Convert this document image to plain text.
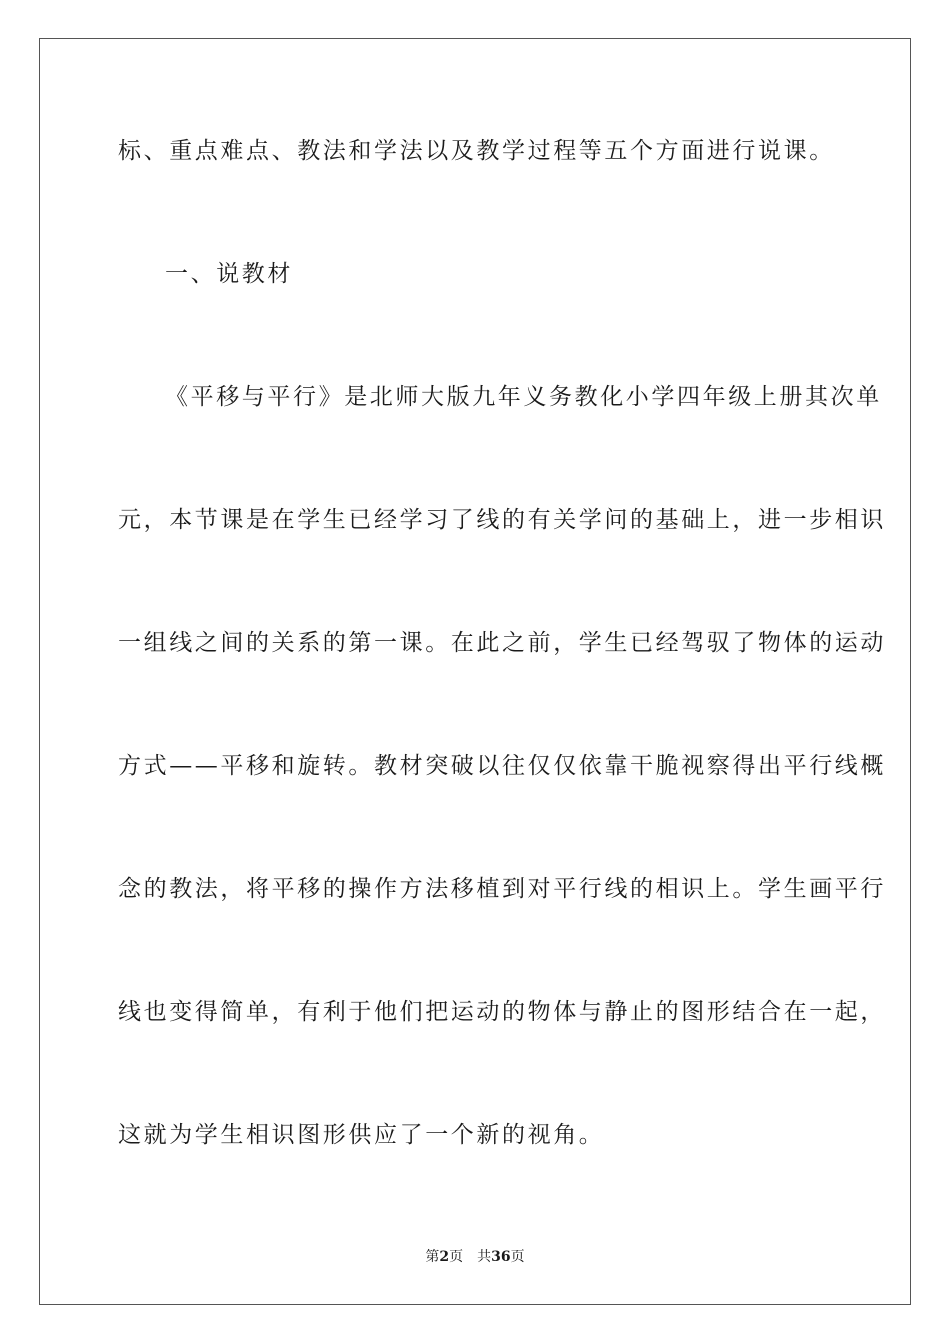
标、重点难点、教法和学法以及教学过程等五个方面进行说课。
一、说教材
《平移与平行》是北师大版九年义务教化小学四年级上册其次单
元，本节课是在学生已经学习了线的有关学问的基础上，进一步相识
一组线之间的关系的第一课。在此之前，学生已经驾驭了物体的运动
方式——平移和旋转。教材突破以往仅仅依靠干脆视察得出平行线概
念的教法，将平移的操作方法移植到对平行线的相识上。学生画平行
线也变得简单，有利于他们把运动的物体与静止的图形结合在一起，
这就为学生相识图形供应了一个新的视角。
第2页 共36页
